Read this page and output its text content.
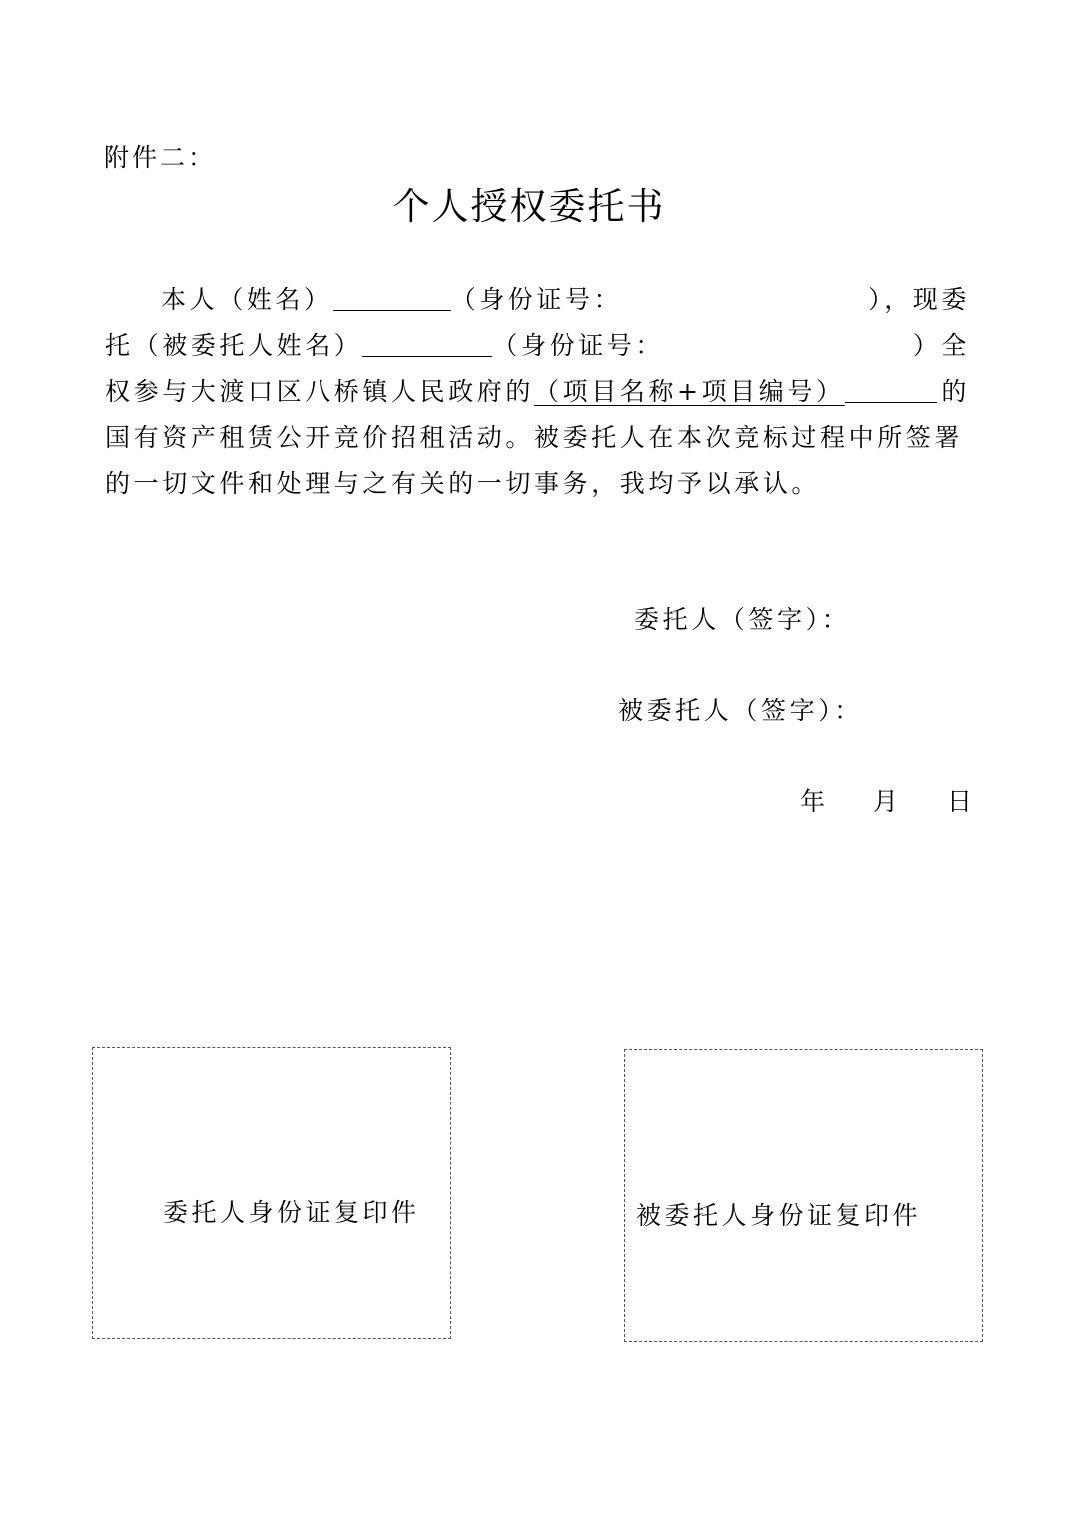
附件二：
个人授权委托书
本人（姓名）	（身份证号：	），现委
托（被委托人姓名）	（身份证号：	）全
权参与大渡口区八桥镇人民政府的 （项目名称+项目编号）	的
国有资产租赁公开竞价招租活动。被委托人在本次竞标过程中所签署
的一切文件和处理与之有关的一切事务，我均予以承认。
委托人（签字）：
被委托人（签字）：
年 月 日
委托人身份证复印件	被委托人身份证复印件
